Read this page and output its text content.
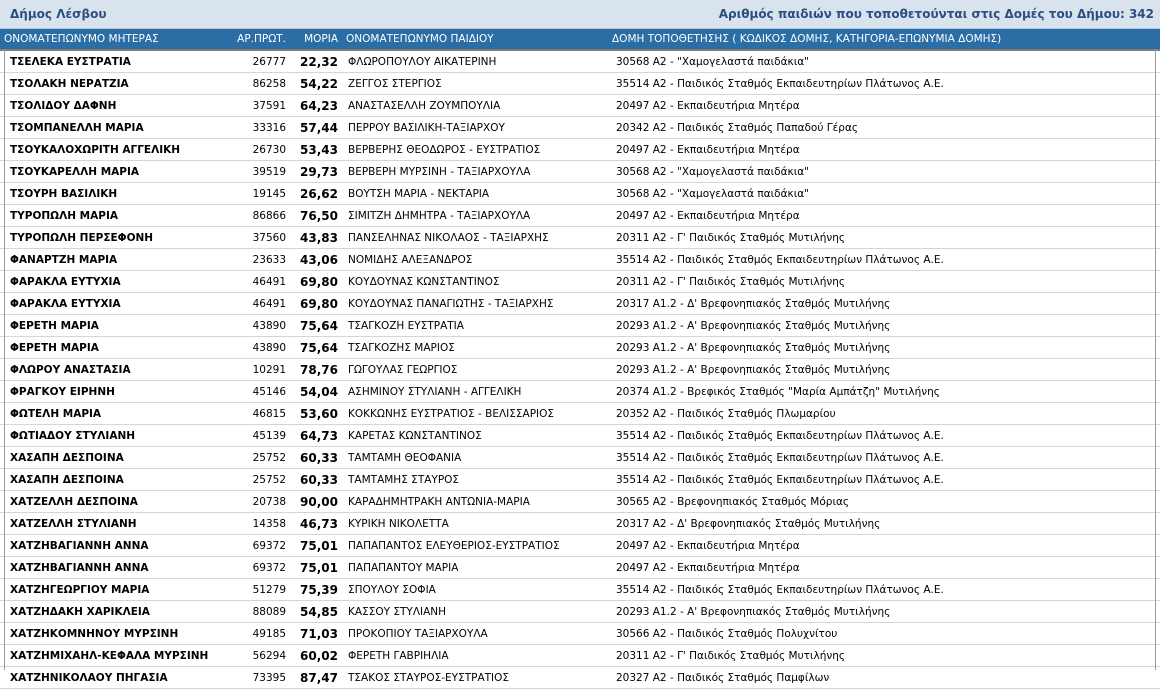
Δήμος Λέσβου	Αριθμός παιδιών που τοποθετούνται στις Δομές του Δήμου: 342
ΟΝΟΜΑΤΕΠΩΝΥΜΟ ΜΗΤΕΡΑΣ	ΑΡ.ΠΡΩΤ.	ΜΟΡΙΑ	ΟΝΟΜΑΤΕΠΩΝΥΜΟ ΠΑΙΔΙΟΥ	ΔΟΜΗ ΤΟΠΟΘΕΤΗΣΗΣ ( ΚΩΔΙΚΟΣ ΔΟΜΗΣ, ΚΑΤΗΓΟΡΙΑ-ΕΠΩΝΥΜΙΑ ΔΟΜΗΣ)
ΤΣΕΛΕΚΑ ΕΥΣΤΡΑΤΙΑ	26777	22,32	ΦΛΩΡΟΠΟΥΛΟΥ ΑΙΚΑΤΕΡΙΝΗ	30568 Α2 - "Χαμογελαστά παιδάκια"
ΤΣΟΛΑΚΗ ΝΕΡΑΤΖΙΑ	86258	54,22	ΖΕΓΓΟΣ ΣΤΕΡΓΙΟΣ	35514 Α2 - Παιδικός Σταθμός Εκπαιδευτηρίων Πλάτωνος Α.Ε.
ΤΣΟΛΙΔΟΥ ΔΑΦΝΗ	37591	64,23	ΑΝΑΣΤΑΣΕΛΛΗ ΖΟΥΜΠΟΥΛΙΑ	20497 Α2 - Εκπαιδευτήρια Μητέρα
ΤΣΟΜΠΑΝΕΛΛΗ ΜΑΡΙΑ	33316	57,44	ΠΕΡΡΟΥ ΒΑΣΙΛΙΚΗ-ΤΑΞΙΑΡΧΟΥ	20342 Α2 - Παιδικός Σταθμός Παπαδού Γέρας
ΤΣΟΥΚΑΛΟΧΩΡΙΤΗ ΑΓΓΕΛΙΚΗ	26730	53,43	ΒΕΡΒΕΡΗΣ ΘΕΟΔΩΡΟΣ - ΕΥΣΤΡΑΤΙΟΣ	20497 Α2 - Εκπαιδευτήρια Μητέρα
ΤΣΟΥΚΑΡΕΛΛΗ ΜΑΡΙΑ	39519	29,73	ΒΕΡΒΕΡΗ ΜΥΡΣΙΝΗ - ΤΑΞΙΑΡΧΟΥΛΑ	30568 Α2 - "Χαμογελαστά παιδάκια"
ΤΣΟΥΡΗ ΒΑΣΙΛΙΚΗ	19145	26,62	ΒΟΥΤΣΗ ΜΑΡΙΑ - ΝΕΚΤΑΡΙΑ	30568 Α2 - "Χαμογελαστά παιδάκια"
ΤΥΡΟΠΩΛΗ ΜΑΡΙΑ	86866	76,50	ΣΙΜΙΤΖΗ ΔΗΜΗΤΡΑ - ΤΑΞΙΑΡΧΟΥΛΑ	20497 Α2 - Εκπαιδευτήρια Μητέρα
ΤΥΡΟΠΩΛΗ ΠΕΡΣΕΦΟΝΗ	37560	43,83	ΠΑΝΣΕΛΗΝΑΣ ΝΙΚΟΛΑΟΣ - ΤΑΞΙΑΡΧΗΣ	20311 Α2 - Γ' Παιδικός Σταθμός Μυτιλήνης
ΦΑΝΑΡΤΖΗ ΜΑΡΙΑ	23633	43,06	ΝΟΜΙΔΗΣ ΑΛΕΞΑΝΔΡΟΣ	35514 Α2 - Παιδικός Σταθμός Εκπαιδευτηρίων Πλάτωνος Α.Ε.
ΦΑΡΑΚΛΑ ΕΥΤΥΧΙΑ	46491	69,80	ΚΟΥΔΟΥΝΑΣ ΚΩΝΣΤΑΝΤΙΝΟΣ	20311 Α2 - Γ' Παιδικός Σταθμός Μυτιλήνης
ΦΑΡΑΚΛΑ ΕΥΤΥΧΙΑ	46491	69,80	ΚΟΥΔΟΥΝΑΣ ΠΑΝΑΓΙΩΤΗΣ - ΤΑΞΙΑΡΧΗΣ	20317 Α1.2 - Δ' Βρεφονηπιακός Σταθμός Μυτιλήνης
ΦΕΡΕΤΗ ΜΑΡΙΑ	43890	75,64	ΤΣΑΓΚΟΖΗ ΕΥΣΤΡΑΤΙΑ	20293 Α1.2 - Α' Βρεφονηπιακός Σταθμός Μυτιλήνης
ΦΕΡΕΤΗ ΜΑΡΙΑ	43890	75,64	ΤΣΑΓΚΟΖΗΣ ΜΑΡΙΟΣ	20293 Α1.2 - Α' Βρεφονηπιακός Σταθμός Μυτιλήνης
ΦΛΩΡΟΥ ΑΝΑΣΤΑΣΙΑ	10291	78,76	ΓΩΓΟΥΛΑΣ ΓΕΩΡΓΙΟΣ	20293 Α1.2 - Α' Βρεφονηπιακός Σταθμός Μυτιλήνης
ΦΡΑΓΚΟΥ ΕΙΡΗΝΗ	45146	54,04	ΑΣΗΜΙΝΟΥ ΣΤΥΛΙΑΝΗ - ΑΓΓΕΛΙΚΗ	20374 Α1.2 - Βρεφικός Σταθμός "Μαρία Αμπάτζη" Μυτιλήνης
ΦΩΤΕΛΗ ΜΑΡΙΑ	46815	53,60	ΚΟΚΚΩΝΗΣ ΕΥΣΤΡΑΤΙΟΣ - ΒΕΛΙΣΣΑΡΙΟΣ	20352 Α2 - Παιδικός Σταθμός Πλωμαρίου
ΦΩΤΙΑΔΟΥ ΣΤΥΛΙΑΝΗ	45139	64,73	ΚΑΡΕΤΑΣ ΚΩΝΣΤΑΝΤΙΝΟΣ	35514 Α2 - Παιδικός Σταθμός Εκπαιδευτηρίων Πλάτωνος Α.Ε.
ΧΑΣΑΠΗ ΔΕΣΠΟΙΝΑ	25752	60,33	ΤΑΜΤΑΜΗ ΘΕΟΦΑΝΙΑ	35514 Α2 - Παιδικός Σταθμός Εκπαιδευτηρίων Πλάτωνος Α.Ε.
ΧΑΣΑΠΗ ΔΕΣΠΟΙΝΑ	25752	60,33	ΤΑΜΤΑΜΗΣ ΣΤΑΥΡΟΣ	35514 Α2 - Παιδικός Σταθμός Εκπαιδευτηρίων Πλάτωνος Α.Ε.
ΧΑΤΖΕΛΛΗ ΔΕΣΠΟΙΝΑ	20738	90,00	ΚΑΡΑΔΗΜΗΤΡΑΚΗ ΑΝΤΩΝΙΑ-ΜΑΡΙΑ	30565 Α2 - Βρεφονηπιακός Σταθμός Μόριας
ΧΑΤΖΕΛΛΗ ΣΤΥΛΙΑΝΗ	14358	46,73	ΚΥΡΙΚΗ ΝΙΚΟΛΕΤΤΑ	20317 Α2 - Δ' Βρεφονηπιακός Σταθμός Μυτιλήνης
ΧΑΤΖΗΒΑΓΙΑΝΝΗ ΑΝΝΑ	69372	75,01	ΠΑΠΑΠΑΝΤΟΣ ΕΛΕΥΘΕΡΙΟΣ-ΕΥΣΤΡΑΤΙΟΣ	20497 Α2 - Εκπαιδευτήρια Μητέρα
ΧΑΤΖΗΒΑΓΙΑΝΝΗ ΑΝΝΑ	69372	75,01	ΠΑΠΑΠΑΝΤΟΥ ΜΑΡΙΑ	20497 Α2 - Εκπαιδευτήρια Μητέρα
ΧΑΤΖΗΓΕΩΡΓΙΟΥ ΜΑΡΙΑ	51279	75,39	ΣΠΟΥΛΟΥ ΣΟΦΙΑ	35514 Α2 - Παιδικός Σταθμός Εκπαιδευτηρίων Πλάτωνος Α.Ε.
ΧΑΤΖΗΔΑΚΗ ΧΑΡΙΚΛΕΙΑ	88089	54,85	ΚΑΣΣΟΥ ΣΤΥΛΙΑΝΗ	20293 Α1.2 - Α' Βρεφονηπιακός Σταθμός Μυτιλήνης
ΧΑΤΖΗΚΟΜΝΗΝΟΥ ΜΥΡΣΙΝΗ	49185	71,03	ΠΡΟΚΟΠΙΟΥ ΤΑΞΙΑΡΧΟΥΛΑ	30566 Α2 - Παιδικός Σταθμός Πολυχνίτου
ΧΑΤΖΗΜΙΧΑΗΛ-ΚΕΦΑΛΑ ΜΥΡΣΙΝΗ	56294	60,02	ΦΕΡΕΤΗ ΓΑΒΡΙΗΛΙΑ	20311 Α2 - Γ' Παιδικός Σταθμός Μυτιλήνης
ΧΑΤΖΗΝΙΚΟΛΑΟΥ ΠΗΓΑΣΙΑ	73395	87,47	ΤΣΑΚΟΣ ΣΤΑΥΡΟΣ-ΕΥΣΤΡΑΤΙΟΣ	20327 Α2 - Παιδικός Σταθμός Παμφίλων
